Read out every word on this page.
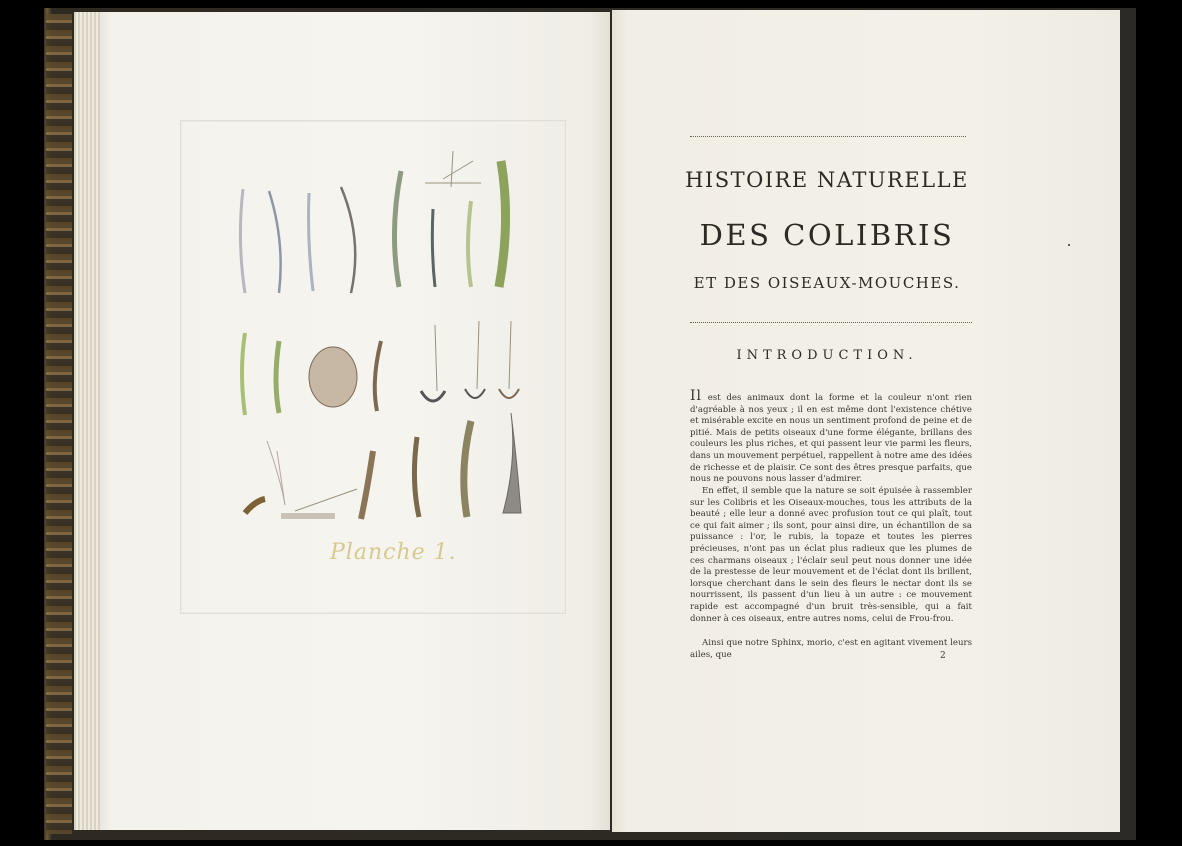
Planche 1.
HISTOIRE NATURELLE
DES COLIBRIS
ET DES OISEAUX-MOUCHES.
INTRODUCTION.
Il est des animaux dont la forme et la couleur n'ont rien d'agréable à nos yeux ; il en est même dont l'existence chétive et misérable excite en nous un sentiment profond de peine et de pitié. Mais de petits oiseaux d'une forme élégante, brillans des couleurs les plus riches, et qui passent leur vie parmi les fleurs, dans un mouvement perpétuel, rappellent à notre ame des idées de richesse et de plaisir. Ce sont des êtres presque parfaits, que nous ne pouvons nous lasser d'admirer.
En effet, il semble que la nature se soit épuisée à rassembler sur les Colibris et les Oiseaux-mouches, tous les attributs de la beauté ; elle leur a donné avec profusion tout ce qui plaît, tout ce qui fait aimer ; ils sont, pour ainsi dire, un échantillon de sa puissance : l'or, le rubis, la topaze et toutes les pierres précieuses, n'ont pas un éclat plus radieux que les plumes de ces charmans oiseaux ; l'éclair seul peut nous donner une idée de la prestesse de leur mouvement et de l'éclat dont ils brillent, lorsque cherchant dans le sein des fleurs le nectar dont ils se nourrissent, ils passent d'un lieu à un autre : ce mouvement rapide est accompagné d'un bruit très-sensible, qui a fait donner à ces oiseaux, entre autres noms, celui de Frou-frou.
Ainsi que notre Sphinx, morio, c'est en agitant vivement leurs ailes, que	2
